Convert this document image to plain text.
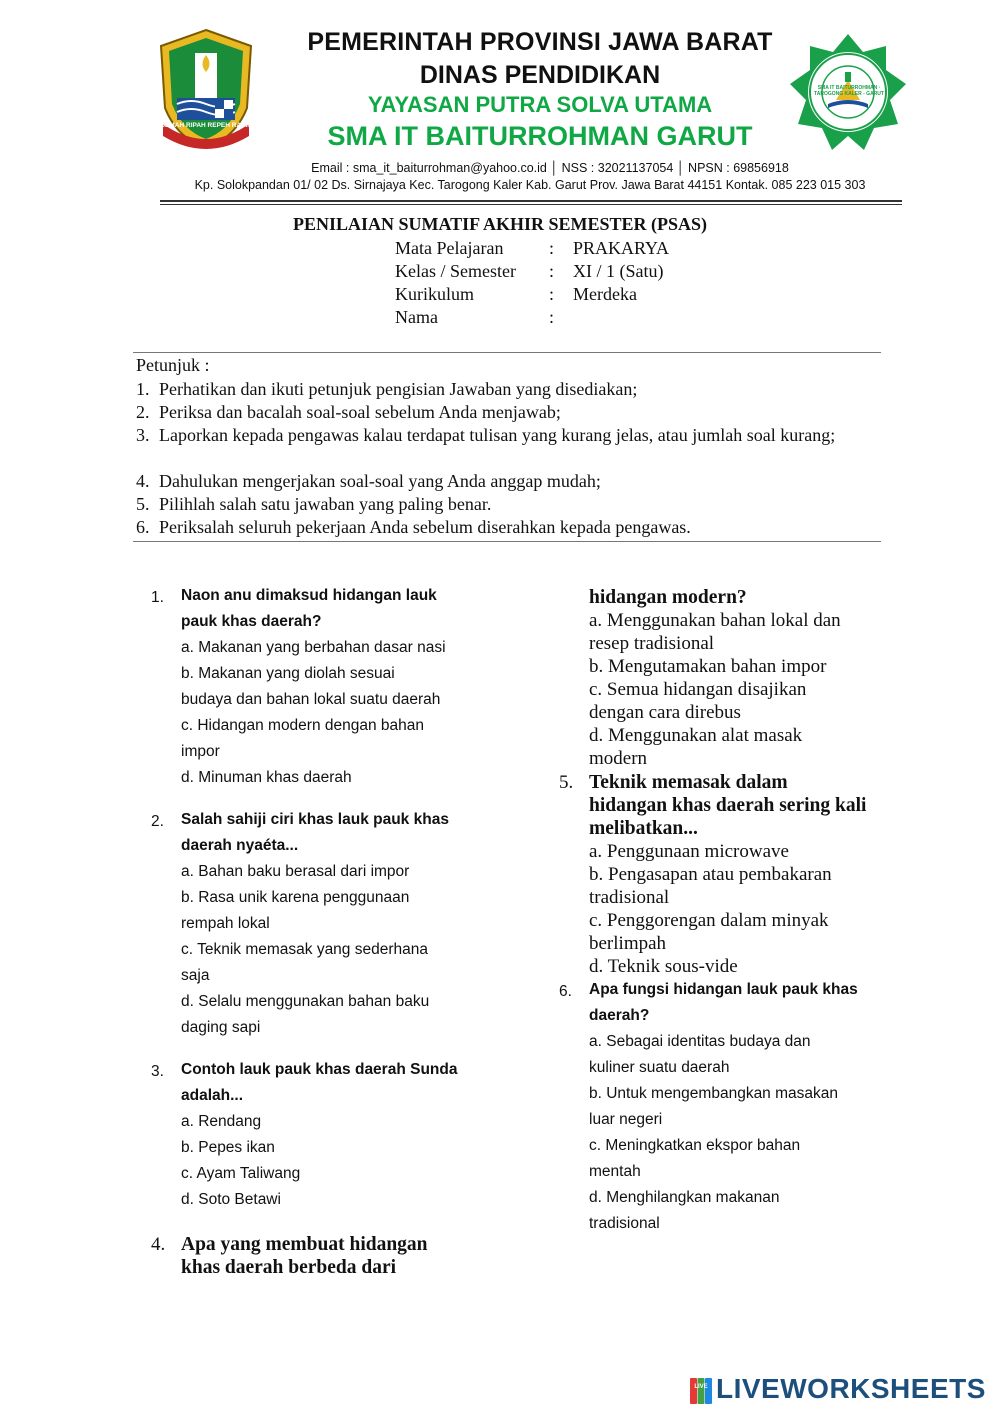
GEMAH RIPAH REPEH RAPIH
SMA IT BAITURROHMAN · TAROGONG KALER - GARUT
PEMERINTAH PROVINSI JAWA BARAT
DINAS PENDIDIKAN
YAYASAN PUTRA SOLVA UTAMA
SMA IT BAITURROHMAN GARUT
Email : sma_it_baiturrohman@yahoo.co.id │ NSS : 32021137054 │ NPSN : 69856918
Kp. Solokpandan 01/ 02 Ds. Sirnajaya Kec. Tarogong Kaler Kab. Garut Prov. Jawa Barat 44151 Kontak. 085 223 015 303
PENILAIAN SUMATIF AKHIR SEMESTER (PSAS)
Mata Pelajaran	: PRAKARYA
Kelas / Semester	: XI / 1 (Satu)
Kurikulum	: Merdeka
Nama	:
Petunjuk :
1. Perhatikan dan ikuti petunjuk pengisian Jawaban yang disediakan;
2. Periksa dan bacalah soal-soal sebelum Anda menjawab;
3. Laporkan kepada pengawas kalau terdapat tulisan yang kurang jelas, atau jumlah soal kurang;
4. Dahulukan mengerjakan soal-soal yang Anda anggap mudah;
5. Pilihlah salah satu jawaban yang paling benar.
6. Periksalah seluruh pekerjaan Anda sebelum diserahkan kepada pengawas.
1. Naon anu dimaksud hidangan lauk
pauk khas daerah?
a. Makanan yang berbahan dasar nasi
b. Makanan yang diolah sesuai
budaya dan bahan lokal suatu daerah
c. Hidangan modern dengan bahan
impor
d. Minuman khas daerah
2. Salah sahiji ciri khas lauk pauk khas
daerah nyaéta...
a. Bahan baku berasal dari impor
b. Rasa unik karena penggunaan
rempah lokal
c. Teknik memasak yang sederhana
saja
d. Selalu menggunakan bahan baku
daging sapi
3. Contoh lauk pauk khas daerah Sunda
adalah...
a. Rendang
b. Pepes ikan
c. Ayam Taliwang
d. Soto Betawi
4. Apa yang membuat hidangan
khas daerah berbeda dari
hidangan modern?
a. Menggunakan bahan lokal dan
resep tradisional
b. Mengutamakan bahan impor
c. Semua hidangan disajikan
dengan cara direbus
d. Menggunakan alat masak
modern
5. Teknik memasak dalam
hidangan khas daerah sering kali
melibatkan...
a. Penggunaan microwave
b. Pengasapan atau pembakaran
tradisional
c. Penggorengan dalam minyak
berlimpah
d. Teknik sous-vide
6. Apa fungsi hidangan lauk pauk khas
daerah?
a. Sebagai identitas budaya dan
kuliner suatu daerah
b. Untuk mengembangkan masakan
luar negeri
c. Meningkatkan ekspor bahan
mentah
d. Menghilangkan makanan
tradisional
LIVE LIVEWORKSHEETS
